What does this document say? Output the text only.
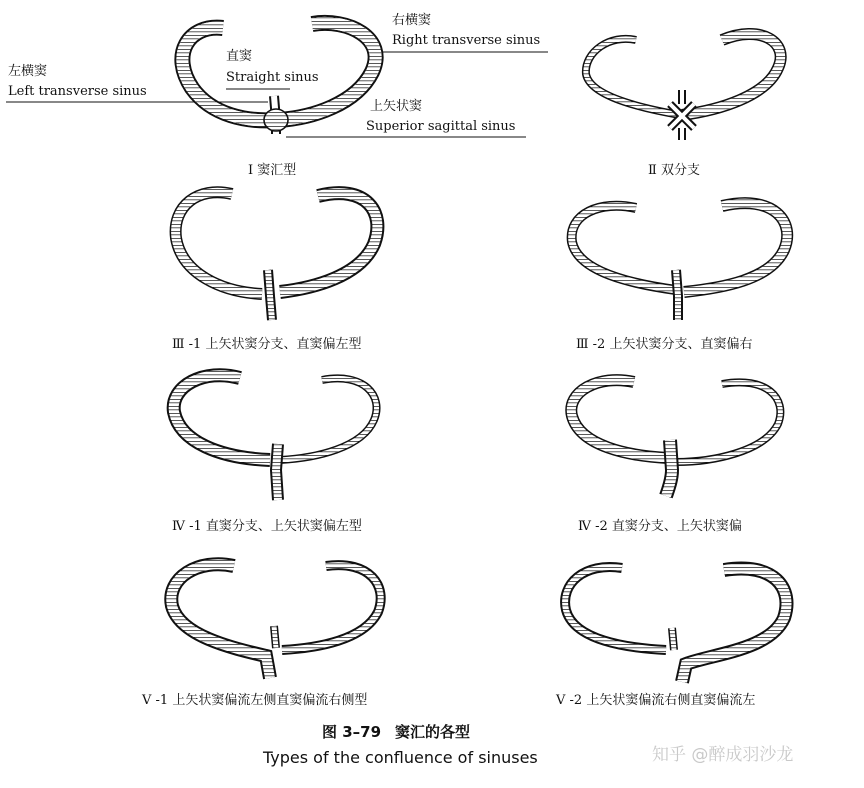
右横窦
Right transverse sinus
直窦
Straight sinus
左横窦
Left transverse sinus
上矢状窦
Superior sagittal sinus
Ⅰ 窦汇型	Ⅱ 双分支
Ⅲ -1 上矢状窦分支、直窦偏左型	Ⅲ -2 上矢状窦分支、直窦偏右
Ⅳ -1 直窦分支、上矢状窦偏左型	Ⅳ -2 直窦分支、上矢状窦偏
Ⅴ -1 上矢状窦偏流左侧直窦偏流右侧型	Ⅴ -2 上矢状窦偏流右侧直窦偏流左
图 3–79 窦汇的各型
Types of the confluence of sinuses	知乎 @醉成羽沙龙
